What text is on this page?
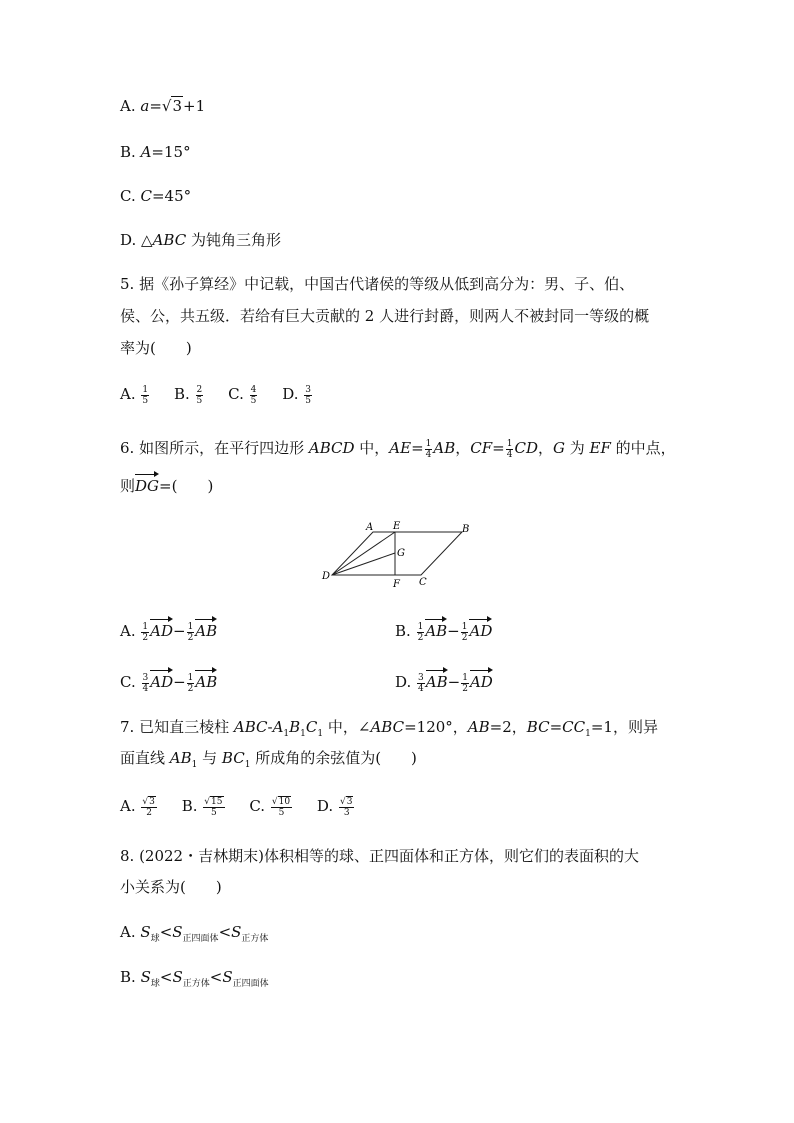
A. a=√3+1
B. A=15°
C. C=45°
D. △ABC 为钝角三角形
5. 据《孙子算经》中记载，中国古代诸侯的等级从低到高分为：男、子、伯、
侯、公，共五级．若给有巨大贡献的 2 人进行封爵，则两人不被封同一等级的概
率为(　　)
A. $\frac{1}{5} B$. $\frac{2}{5} C$. $\frac{4}{5} D$. $\frac{3}{5}$
6. 如图所示，在平行四边形 ABCD 中，$AE= \frac{1}{4}$ AB，$CF= \frac{1}{4}$ CD，G 为 EF 的中点，
则DG=(　　)
A E	B
G
D
F C
A. $\frac{1}{2} AD- \frac{1}{2}$ AB	B. $\frac{1}{2} AB- \frac{1}{2}$ AD
C. $\frac{3}{4} AD- \frac{1}{2}$ AB	D. $\frac{3}{4} AB- \frac{1}{2}$ AD
7. 已知直三棱柱 ABC-$A_1B_1C_1$ 中，∠ABC=120°，AB=2，$BC=CC_1=1$，则异
面直线 $AB_1$ 与 $BC_1$ 所成角的余弦值为(　　)
A. $\frac{√3}{2} B$. $\frac{√15}{5} C$. $\frac{√10}{5} D$. $\frac{√3}{3}$
8. (2022・吉林期末)体积相等的球、正四面体和正方体，则它们的表面积的大
小关系为(　　)
A. $S_球<S_{正四面体}<S_{正方体}$
B. $S_球<S_{正方体}<S_{正四面体}$
